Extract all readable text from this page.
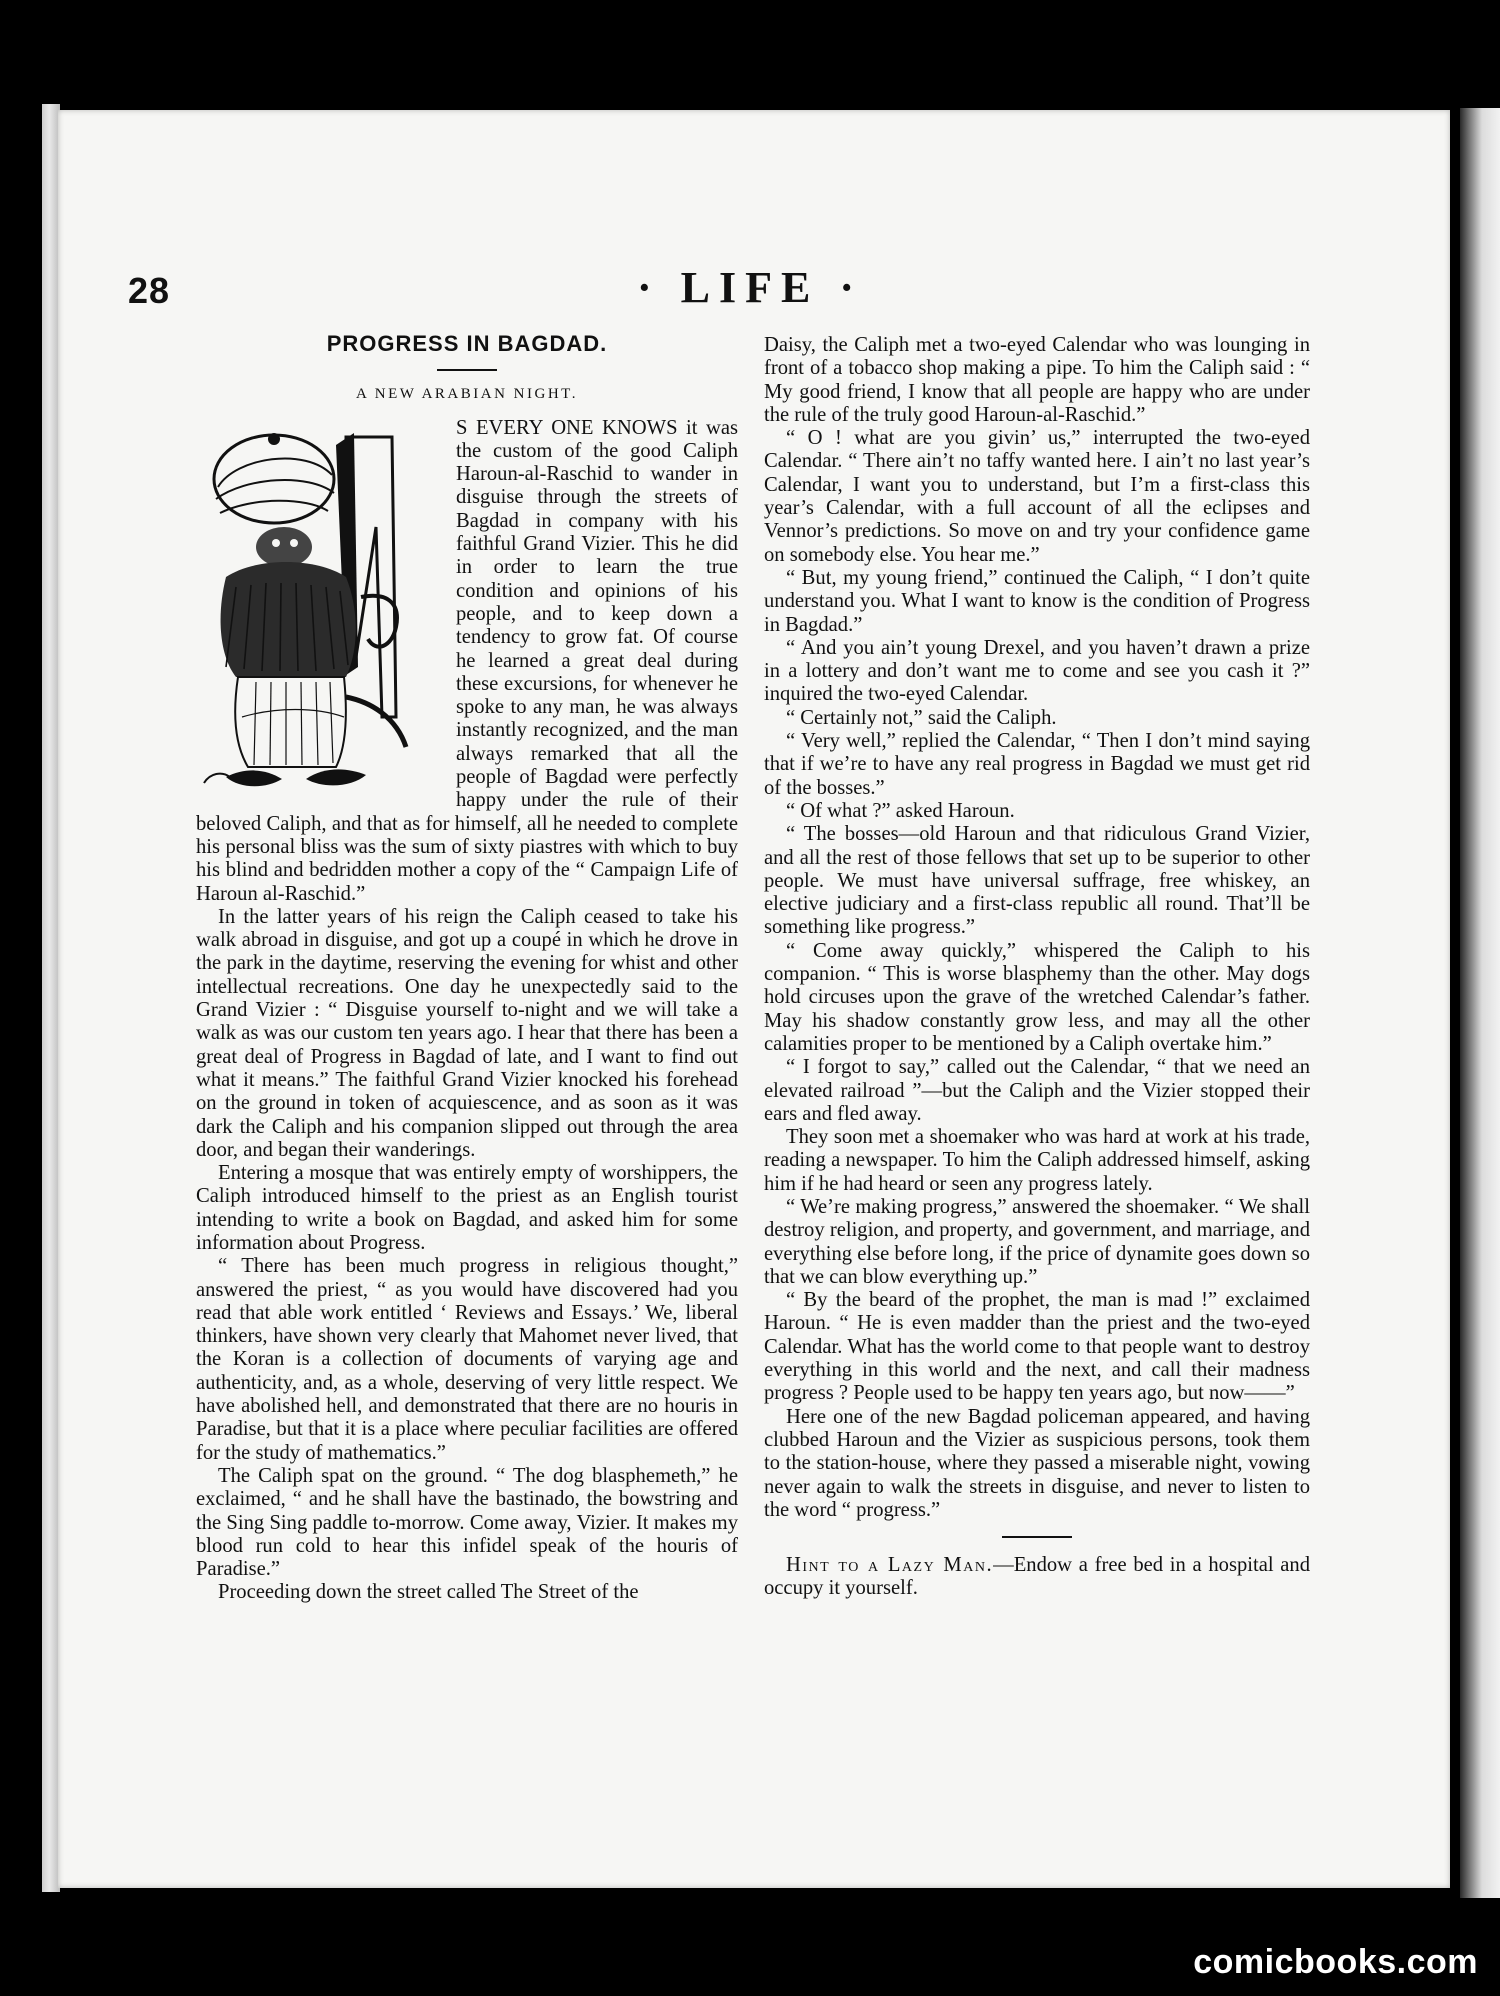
28	· LIFE ·
PROGRESS IN BAGDAD.
A NEW ARABIAN NIGHT.

S EVERY ONE KNOWS it was the custom of the good Caliph Haroun-al-Raschid to wander in disguise through the streets of Bagdad in company with his faithful Grand Vizier. This he did in order to learn the true condition and opinions of his people, and to keep down a tendency to grow fat. Of course he learned a great deal during these excursions, for whenever he spoke to any man, he was always instantly recognized, and the man always remarked that all the people of Bagdad were perfectly happy under the rule of their beloved Caliph, and that as for himself, all he needed to complete his personal bliss was the sum of sixty piastres with which to buy his blind and bedridden mother a copy of the “ Campaign Life of Haroun al-Raschid.”

In the latter years of his reign the Caliph ceased to take his walk abroad in disguise, and got up a coupé in which he drove in the park in the daytime, reserving the evening for whist and other intellectual recreations. One day he unexpectedly said to the Grand Vizier : “ Disguise yourself to-night and we will take a walk as was our custom ten years ago. I hear that there has been a great deal of Progress in Bagdad of late, and I want to find out what it means.” The faithful Grand Vizier knocked his forehead on the ground in token of acquiescence, and as soon as it was dark the Caliph and his companion slipped out through the area door, and began their wanderings.

Entering a mosque that was entirely empty of worshippers, the Caliph introduced himself to the priest as an English tourist intending to write a book on Bagdad, and asked him for some information about Progress.

“ There has been much progress in religious thought,” answered the priest, “ as you would have discovered had you read that able work entitled ‘ Reviews and Essays.’ We, liberal thinkers, have shown very clearly that Mahomet never lived, that the Koran is a collection of documents of varying age and authenticity, and, as a whole, deserving of very little respect. We have abolished hell, and demonstrated that there are no houris in Paradise, but that it is a place where peculiar facilities are offered for the study of mathematics.”

The Caliph spat on the ground. “ The dog blasphemeth,” he exclaimed, “ and he shall have the bastinado, the bowstring and the Sing Sing paddle to-morrow. Come away, Vizier. It makes my blood run cold to hear this infidel speak of the houris of Paradise.”

Proceeding down the street called The Street of the

Daisy, the Caliph met a two-eyed Calendar who was lounging in front of a tobacco shop making a pipe. To him the Caliph said : “ My good friend, I know that all people are happy who are under the rule of the truly good Haroun-al-Raschid.”

“ O ! what are you givin’ us,” interrupted the two-eyed Calendar. “ There ain’t no taffy wanted here. I ain’t no last year’s Calendar, I want you to understand, but I’m a first-class this year’s Calendar, with a full account of all the eclipses and Vennor’s predictions. So move on and try your confidence game on somebody else. You hear me.”

“ But, my young friend,” continued the Caliph, “ I don’t quite understand you. What I want to know is the condition of Progress in Bagdad.”

“ And you ain’t young Drexel, and you haven’t drawn a prize in a lottery and don’t want me to come and see you cash it ?” inquired the two-eyed Calendar.

“ Certainly not,” said the Caliph.

“ Very well,” replied the Calendar, “ Then I don’t mind saying that if we’re to have any real progress in Bagdad we must get rid of the bosses.”

“ Of what ?” asked Haroun.

“ The bosses—old Haroun and that ridiculous Grand Vizier, and all the rest of those fellows that set up to be superior to other people. We must have universal suffrage, free whiskey, an elective judiciary and a first-class republic all round. That’ll be something like progress.”

“ Come away quickly,” whispered the Caliph to his companion. “ This is worse blasphemy than the other. May dogs hold circuses upon the grave of the wretched Calendar’s father. May his shadow constantly grow less, and may all the other calamities proper to be mentioned by a Caliph overtake him.”

“ I forgot to say,” called out the Calendar, “ that we need an elevated railroad ”—but the Caliph and the Vizier stopped their ears and fled away.

They soon met a shoemaker who was hard at work at his trade, reading a newspaper. To him the Caliph addressed himself, asking him if he had heard or seen any progress lately.

“ We’re making progress,” answered the shoemaker. “ We shall destroy religion, and property, and government, and marriage, and everything else before long, if the price of dynamite goes down so that we can blow everything up.”

“ By the beard of the prophet, the man is mad !” exclaimed Haroun. “ He is even madder than the priest and the two-eyed Calendar. What has the world come to that people want to destroy everything in this world and the next, and call their madness progress ? People used to be happy ten years ago, but now——”

Here one of the new Bagdad policeman appeared, and having clubbed Haroun and the Vizier as suspicious persons, took them to the station-house, where they passed a miserable night, vowing never again to walk the streets in disguise, and never to listen to the word “ progress.”

Hint to a Lazy Man.—Endow a free bed in a hospital and occupy it yourself.

comicbooks.com
